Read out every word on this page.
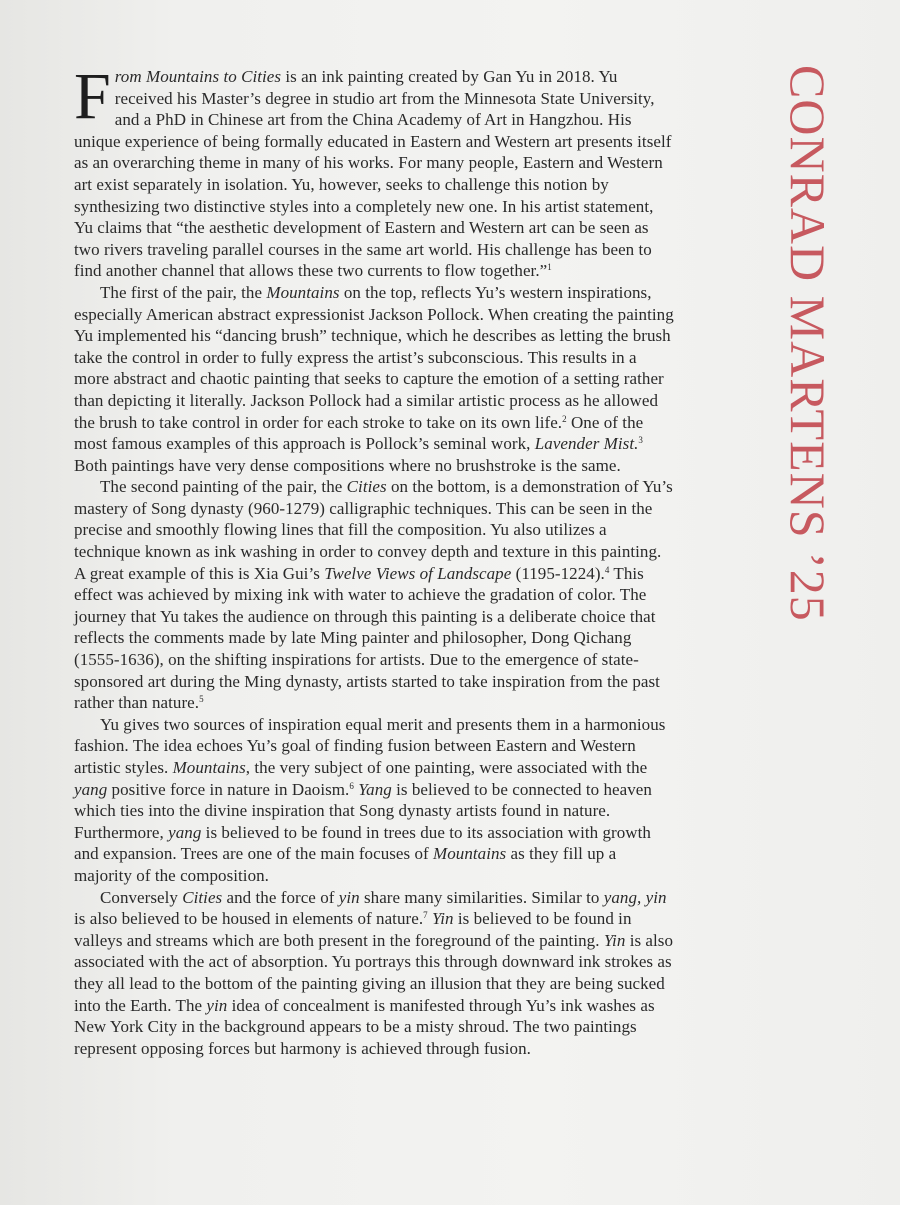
From Mountains to Cities is an ink painting created by Gan Yu in 2018. Yu received his Master’s degree in studio art from the Minnesota State University, and a PhD in Chinese art from the China Academy of Art in Hangzhou. His unique experience of being formally educated in Eastern and Western art presents itself as an overarching theme in many of his works. For many people, Eastern and Western art exist separately in isolation. Yu, however, seeks to challenge this notion by synthesizing two distinctive styles into a completely new one. In his artist statement, Yu claims that “the aesthetic development of Eastern and Western art can be seen as two rivers traveling parallel courses in the same art world. His challenge has been to find another channel that allows these two currents to flow together.”$^1$

The first of the pair, the Mountains on the top, reflects Yu’s western inspirations, especially American abstract expressionist Jackson Pollock. When creating the painting Yu implemented his “dancing brush” technique, which he describes as letting the brush take the control in order to fully express the artist’s subconscious. This results in a more abstract and chaotic painting that seeks to capture the emotion of a setting rather than depicting it literally. Jackson Pollock had a similar artistic process as he allowed the brush to take control in order for each stroke to take on its own life.$^2$ One of the most famous examples of this approach is Pollock’s seminal work, Lavender Mist.$^3$ Both paintings have very dense compositions where no brushstroke is the same.

The second painting of the pair, the Cities on the bottom, is a demonstration of Yu’s mastery of Song dynasty (960-1279) calligraphic techniques. This can be seen in the precise and smoothly flowing lines that fill the composition. Yu also utilizes a technique known as ink washing in order to convey depth and texture in this painting. A great example of this is Xia Gui’s Twelve Views of Landscape (1195-1224).$^4$ This effect was achieved by mixing ink with water to achieve the gradation of color. The journey that Yu takes the audience on through this painting is a deliberate choice that reflects the comments made by late Ming painter and philosopher, Dong Qichang (1555-1636), on the shifting inspirations for artists. Due to the emergence of state-sponsored art during the Ming dynasty, artists started to take inspiration from the past rather than nature.$^5$

Yu gives two sources of inspiration equal merit and presents them in a harmonious fashion. The idea echoes Yu’s goal of finding fusion between Eastern and Western artistic styles. Mountains, the very subject of one painting, were associated with the yang positive force in nature in Daoism.$^6$ Yang is believed to be connected to heaven which ties into the divine inspiration that Song dynasty artists found in nature. Furthermore, yang is believed to be found in trees due to its association with growth and expansion. Trees are one of the main focuses of Mountains as they fill up a majority of the composition.

Conversely Cities and the force of yin share many similarities. Similar to yang, yin is also believed to be housed in elements of nature.$^7$ Yin is believed to be found in valleys and streams which are both present in the foreground of the painting. Yin is also associated with the act of absorption. Yu portrays this through downward ink strokes as they all lead to the bottom of the painting giving an illusion that they are being sucked into the Earth. The yin idea of concealment is manifested through Yu’s ink washes as New York City in the background appears to be a misty shroud. The two paintings represent opposing forces but harmony is achieved through fusion.

CONRAD MARTENS ’25
